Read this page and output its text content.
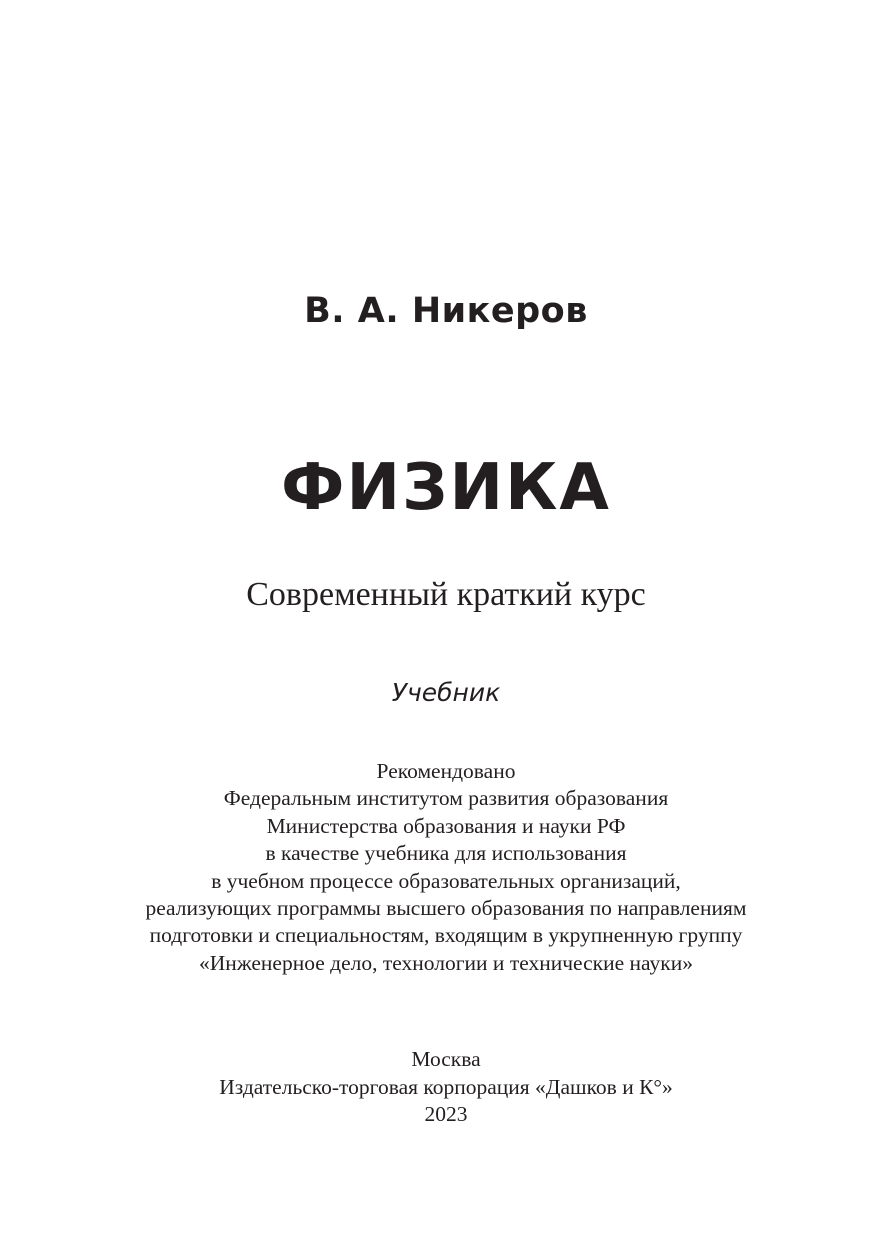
В. А. Никеров
ФИЗИКА
Современный краткий курс
Учебник
Рекомендовано
Федеральным институтом развития образования
Министерства образования и науки РФ
в качестве учебника для использования
в учебном процессе образовательных организаций,
реализующих программы высшего образования по направлениям
подготовки и специальностям, входящим в укрупненную группу
«Инженерное дело, технологии и технические науки»
Москва
Издательско-торговая корпорация «Дашков и К°»
2023
